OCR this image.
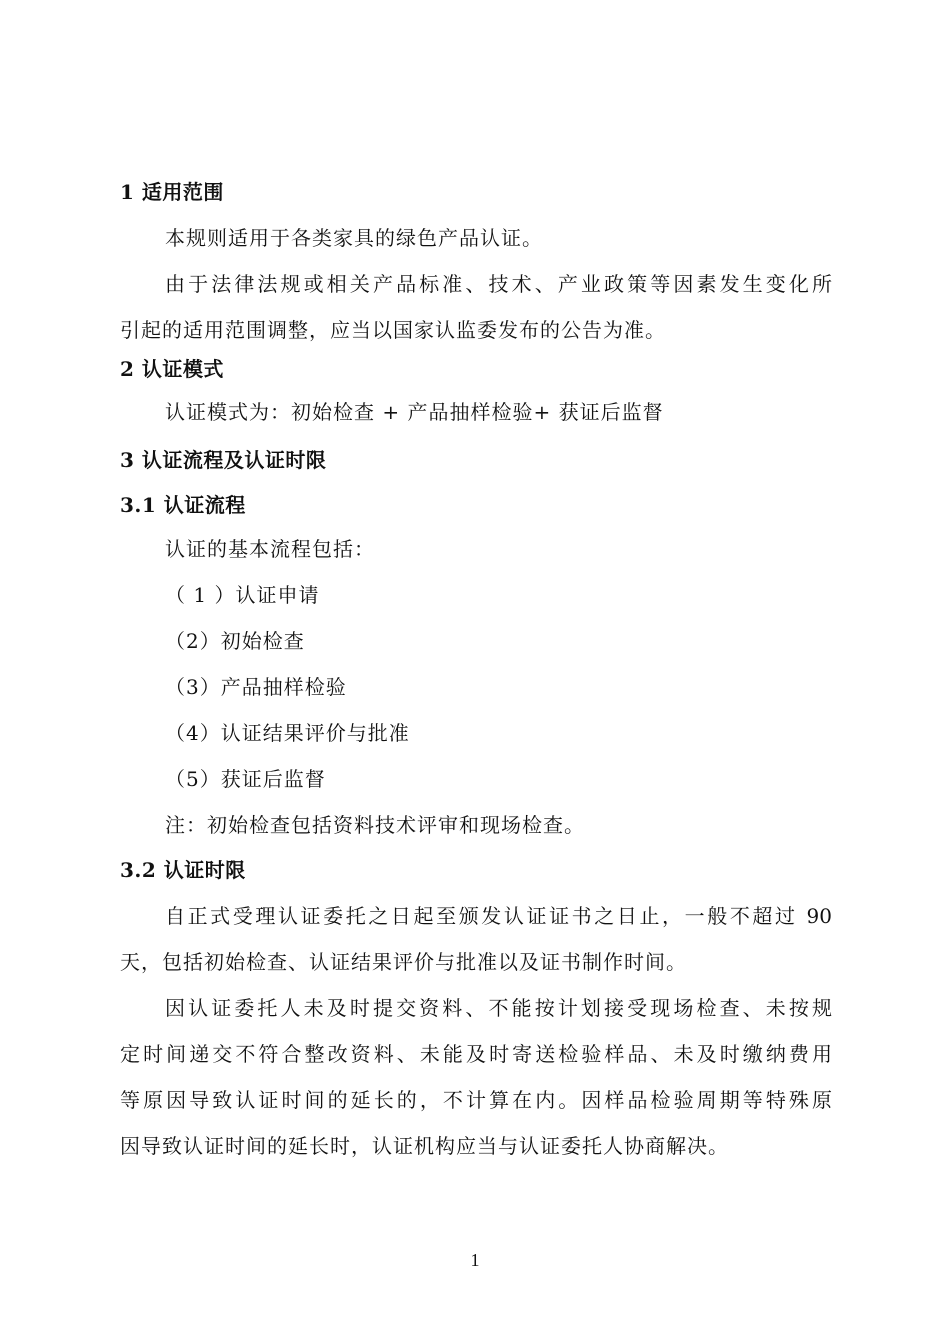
1 适用范围
本规则适用于各类家具的绿色产品认证。
由于法律法规或相关产品标准、技术、产业政策等因素发生变化所
引起的适用范围调整，应当以国家认监委发布的公告为准。
2 认证模式
认证模式为：初始检查 + 产品抽样检验+ 获证后监督
3 认证流程及认证时限
3.1 认证流程
认证的基本流程包括：
（ 1 ）认证申请
（2）初始检查
（3）产品抽样检验
（4）认证结果评价与批准
（5）获证后监督
注：初始检查包括资料技术评审和现场检查。
3.2 认证时限
自正式受理认证委托之日起至颁发认证证书之日止，一般不超过 90
天，包括初始检查、认证结果评价与批准以及证书制作时间。
因认证委托人未及时提交资料、不能按计划接受现场检查、未按规
定时间递交不符合整改资料、未能及时寄送检验样品、未及时缴纳费用
等原因导致认证时间的延长的，不计算在内。因样品检验周期等特殊原
因导致认证时间的延长时，认证机构应当与认证委托人协商解决。
1
